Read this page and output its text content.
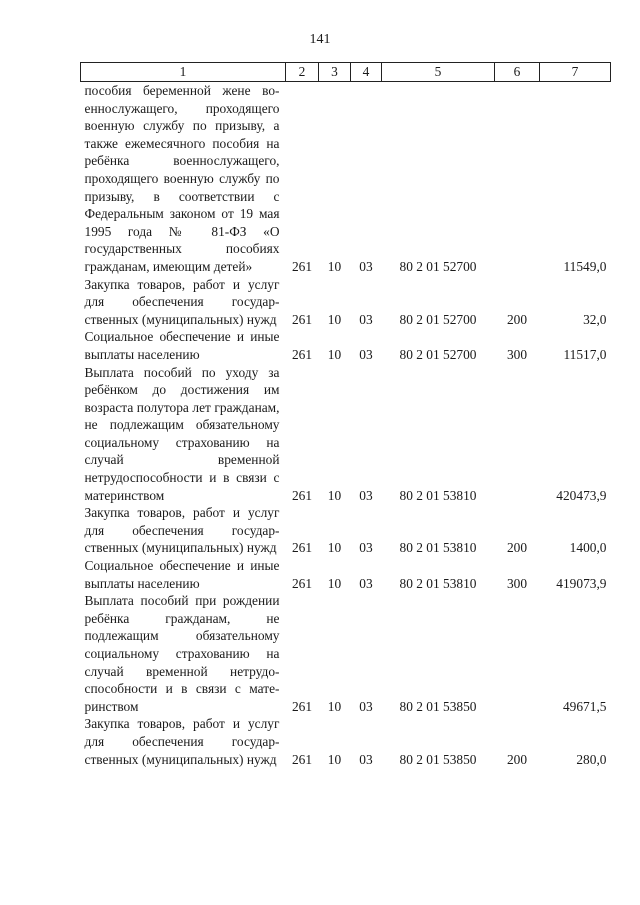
141
1	2	3	4	5	6	7
пособия беременной жене военнослужащего, проходящего военную службу по призыву, а также ежемесячного пособия на ребёнка военнослужащего, проходящего военную службу по призыву, в соответствии с Федеральным законом от 19 мая 1995 года № 81-ФЗ «О государственных пособиях гражданам, имеющим детей»	261	10	03	80 2 01 52700		11549,0
Закупка товаров, работ и услуг для обеспечения государственных (муниципальных) нужд	261	10	03	80 2 01 52700	200	32,0
Социальное обеспечение и иные выплаты населению	261	10	03	80 2 01 52700	300	11517,0
Выплата пособий по уходу за ребёнком до достижения им возраста полутора лет гражданам, не подлежащим обязательному социальному страхованию на случай временной нетрудоспособности и в связи с материнством	261	10	03	80 2 01 53810		420473,9
Закупка товаров, работ и услуг для обеспечения государственных (муниципальных) нужд	261	10	03	80 2 01 53810	200	1400,0
Социальное обеспечение и иные выплаты населению	261	10	03	80 2 01 53810	300	419073,9
Выплата пособий при рождении ребёнка гражданам, не подлежащим обязательному социальному страхованию на случай временной нетрудоспособности и в связи с материнством	261	10	03	80 2 01 53850		49671,5
Закупка товаров, работ и услуг для обеспечения государственных (муниципальных) нужд	261	10	03	80 2 01 53850	200	280,0
